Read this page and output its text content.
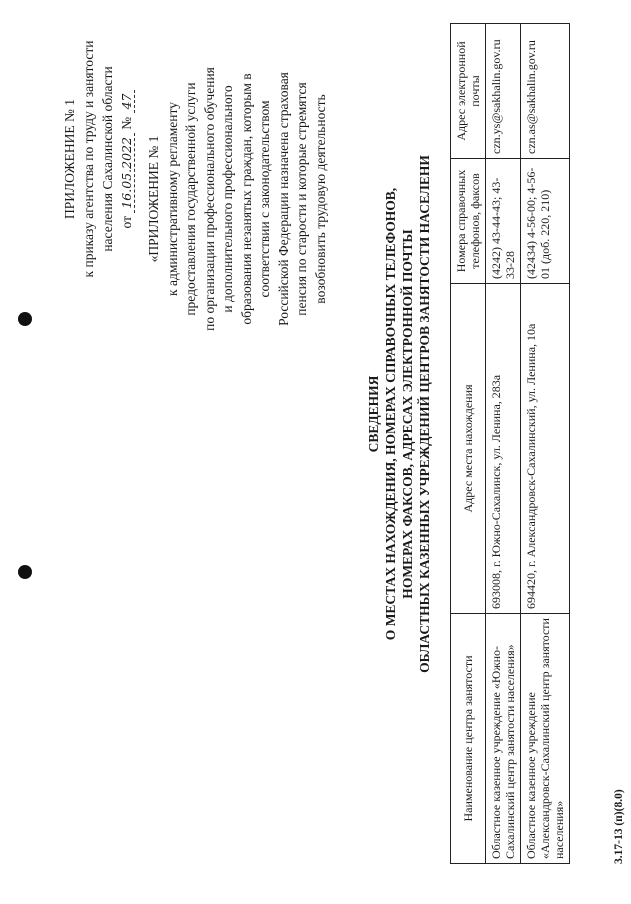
ПРИЛОЖЕНИЕ № 1 к приказу агентства по труду и занятости населения Сахалинской области от 16.05.2022 № 47
«ПРИЛОЖЕНИЕ № 1 к административному регламенту предоставления государственной услуги по организации профессионального обучения и дополнительного профессионального образования незанятых граждан, которым в соответствии с законодательством Российской Федерации назначена страховая пенсия по старости и которые стремятся возобновить трудовую деятельность
СВЕДЕНИЯ О МЕСТАХ НАХОЖДЕНИЯ, НОМЕРАХ СПРАВОЧНЫХ ТЕЛЕФОНОВ, НОМЕРАХ ФАКСОВ, АДРЕСАХ ЭЛЕКТРОННОЙ ПОЧТЫ ОБЛАСТНЫХ КАЗЕННЫХ УЧРЕЖДЕНИЙ ЦЕНТРОВ ЗАНЯТОСТИ НАСЕЛЕНИ
Наименование центра занятости	Адрес места нахождения	Номера справочных телефонов, факсов	Адрес электронной почты
Областное казенное учреждение «Южно-Сахалинский центр занятости населения»	693008, г. Южно-Сахалинск, ул. Ленина, 283а	(4242) 43-44-43; 43-33-28	czn.ys@sakhalin.gov.ru
Областное казенное учреждение «Александровск-Сахалинский центр занятости населения»	694420, г. Александровск-Сахалинский, ул. Ленина, 10а	(42434) 4-56-00; 4-56-01 (доб. 220, 210)	czn.as@sakhalin.gov.ru
3.17-13 (п)(8.0)
